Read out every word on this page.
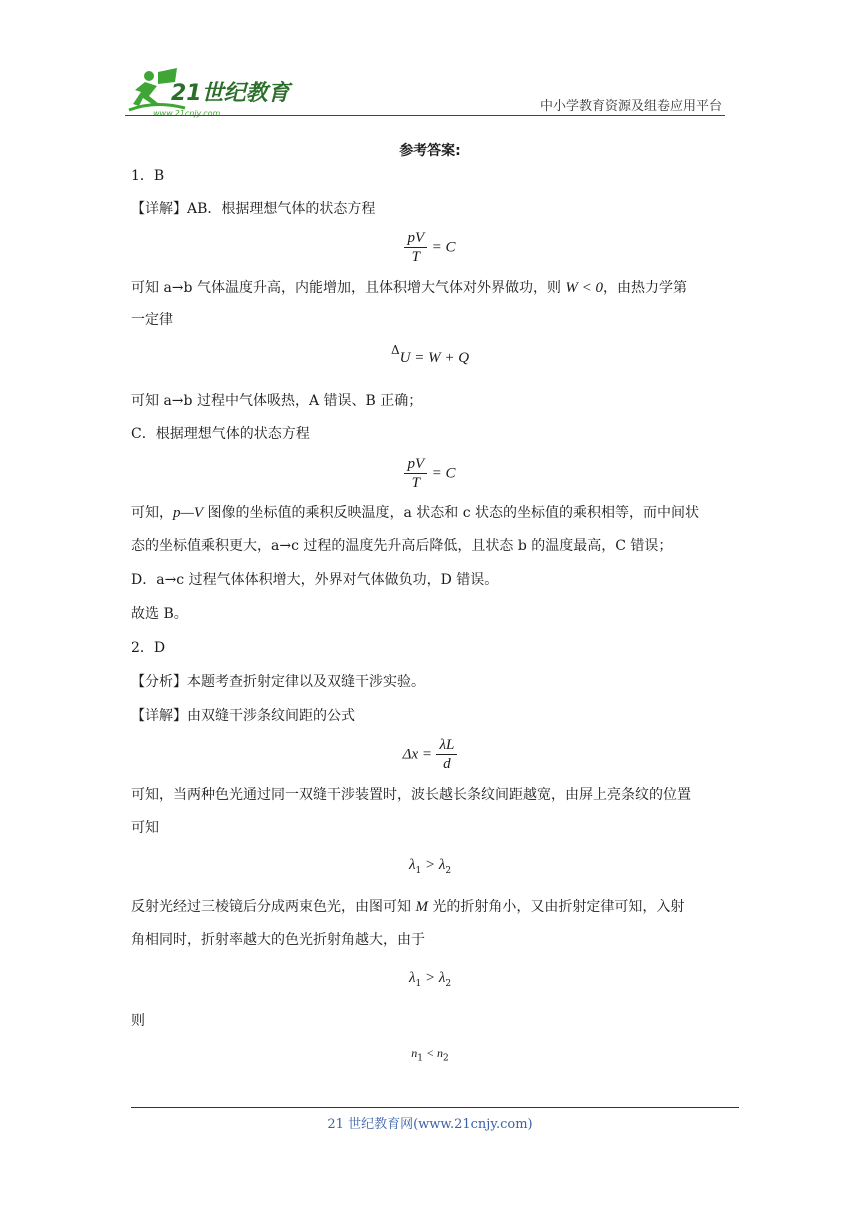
21世纪教育
www.21cnjy.com	中小学教育资源及组卷应用平台
参考答案:
1．B
【详解】AB．根据理想气体的状态方程
$\frac{pV}{T} = C$
可知 a→b 气体温度升高，内能增加，且体积增大气体对外界做功，则 W < 0，由热力学第
一定律
ΔU = W + Q
可知 a→b 过程中气体吸热，A 错误、B 正确；
C．根据理想气体的状态方程
$\frac{pV}{T} = C$
可知，p—V 图像的坐标值的乘积反映温度，a 状态和 c 状态的坐标值的乘积相等，而中间状
态的坐标值乘积更大，a→c 过程的温度先升高后降低，且状态 b 的温度最高，C 错误；
D．a→c 过程气体体积增大，外界对气体做负功，D 错误。
故选 B。
2．D
【分析】本题考查折射定律以及双缝干涉实验。
【详解】由双缝干涉条纹间距的公式
$\Delta x = \frac{\lambda L}{d}$
可知，当两种色光通过同一双缝干涉装置时，波长越长条纹间距越宽，由屏上亮条纹的位置
可知
$\lambda_1 > \lambda_2$
反射光经过三棱镜后分成两束色光，由图可知 M 光的折射角小，又由折射定律可知，入射
角相同时，折射率越大的色光折射角越大，由于
$\lambda_1 > \lambda_2$
则
$n_1 < n_2$
21 世纪教育网(www.21cnjy.com)
